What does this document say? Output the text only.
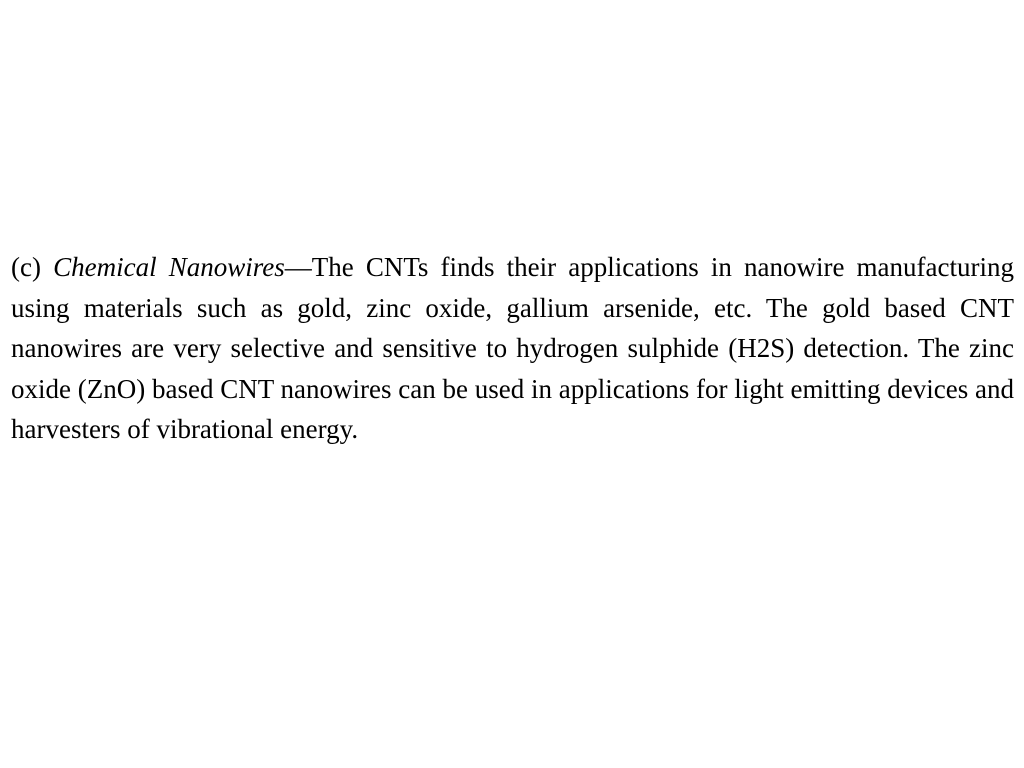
(c) Chemical Nanowires—The CNTs finds their applications in nanowire manufacturing using materials such as gold, zinc oxide, gallium arsenide, etc. The gold based CNT nanowires are very selective and sensitive to hydrogen sulphide (H2S) detection. The zinc oxide (ZnO) based CNT nanowires can be used in applications for light emitting devices and harvesters of vibrational energy.
